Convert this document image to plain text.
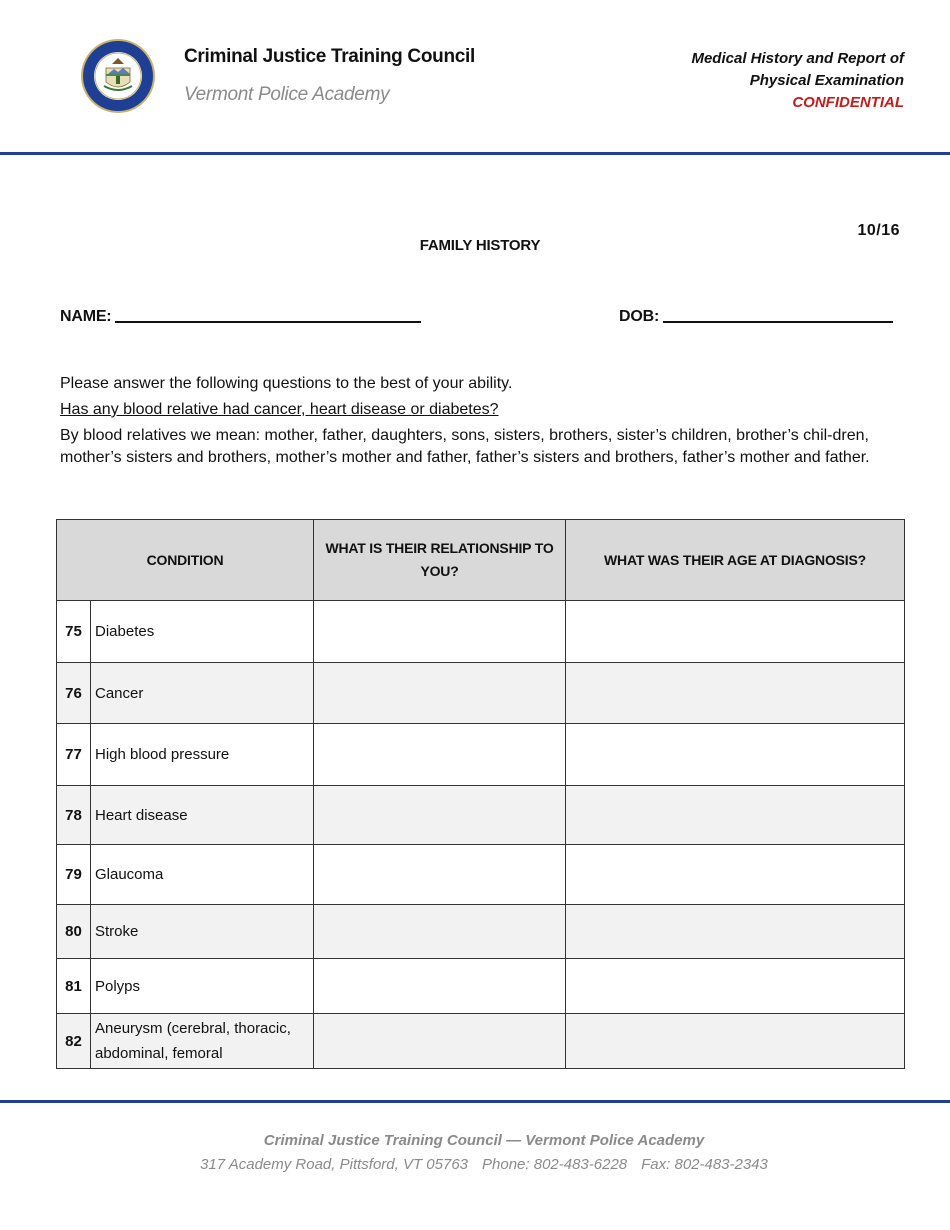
Criminal Justice Training Council
Vermont Police Academy
Medical History and Report of
Physical Examination
CONFIDENTIAL
10/16
FAMILY HISTORY
NAME:	DOB:

Please answer the following questions to the best of your ability.

Has any blood relative had cancer, heart disease or diabetes?

By blood relatives we mean: mother, father, daughters, sons, sisters, brothers, sister’s children, brother’s chil-dren, mother’s sisters and brothers, mother’s mother and father, father’s sisters and brothers, father’s mother and father.

CONDITION		WHAT IS THEIR RELATIONSHIP TO YOU?	WHAT WAS THEIR AGE AT DIAGNOSIS?
75	Diabetes		
76	Cancer		
77	High blood pressure		
78	Heart disease		
79	Glaucoma		
80	Stroke		
81	Polyps		
82	Aneurysm (cerebral, thoracic, abdominal, femoral		
Criminal Justice Training Council — Vermont Police Academy
317 Academy Road, Pittsford, VT 05763 Phone: 802-483-6228 Fax: 802-483-2343
